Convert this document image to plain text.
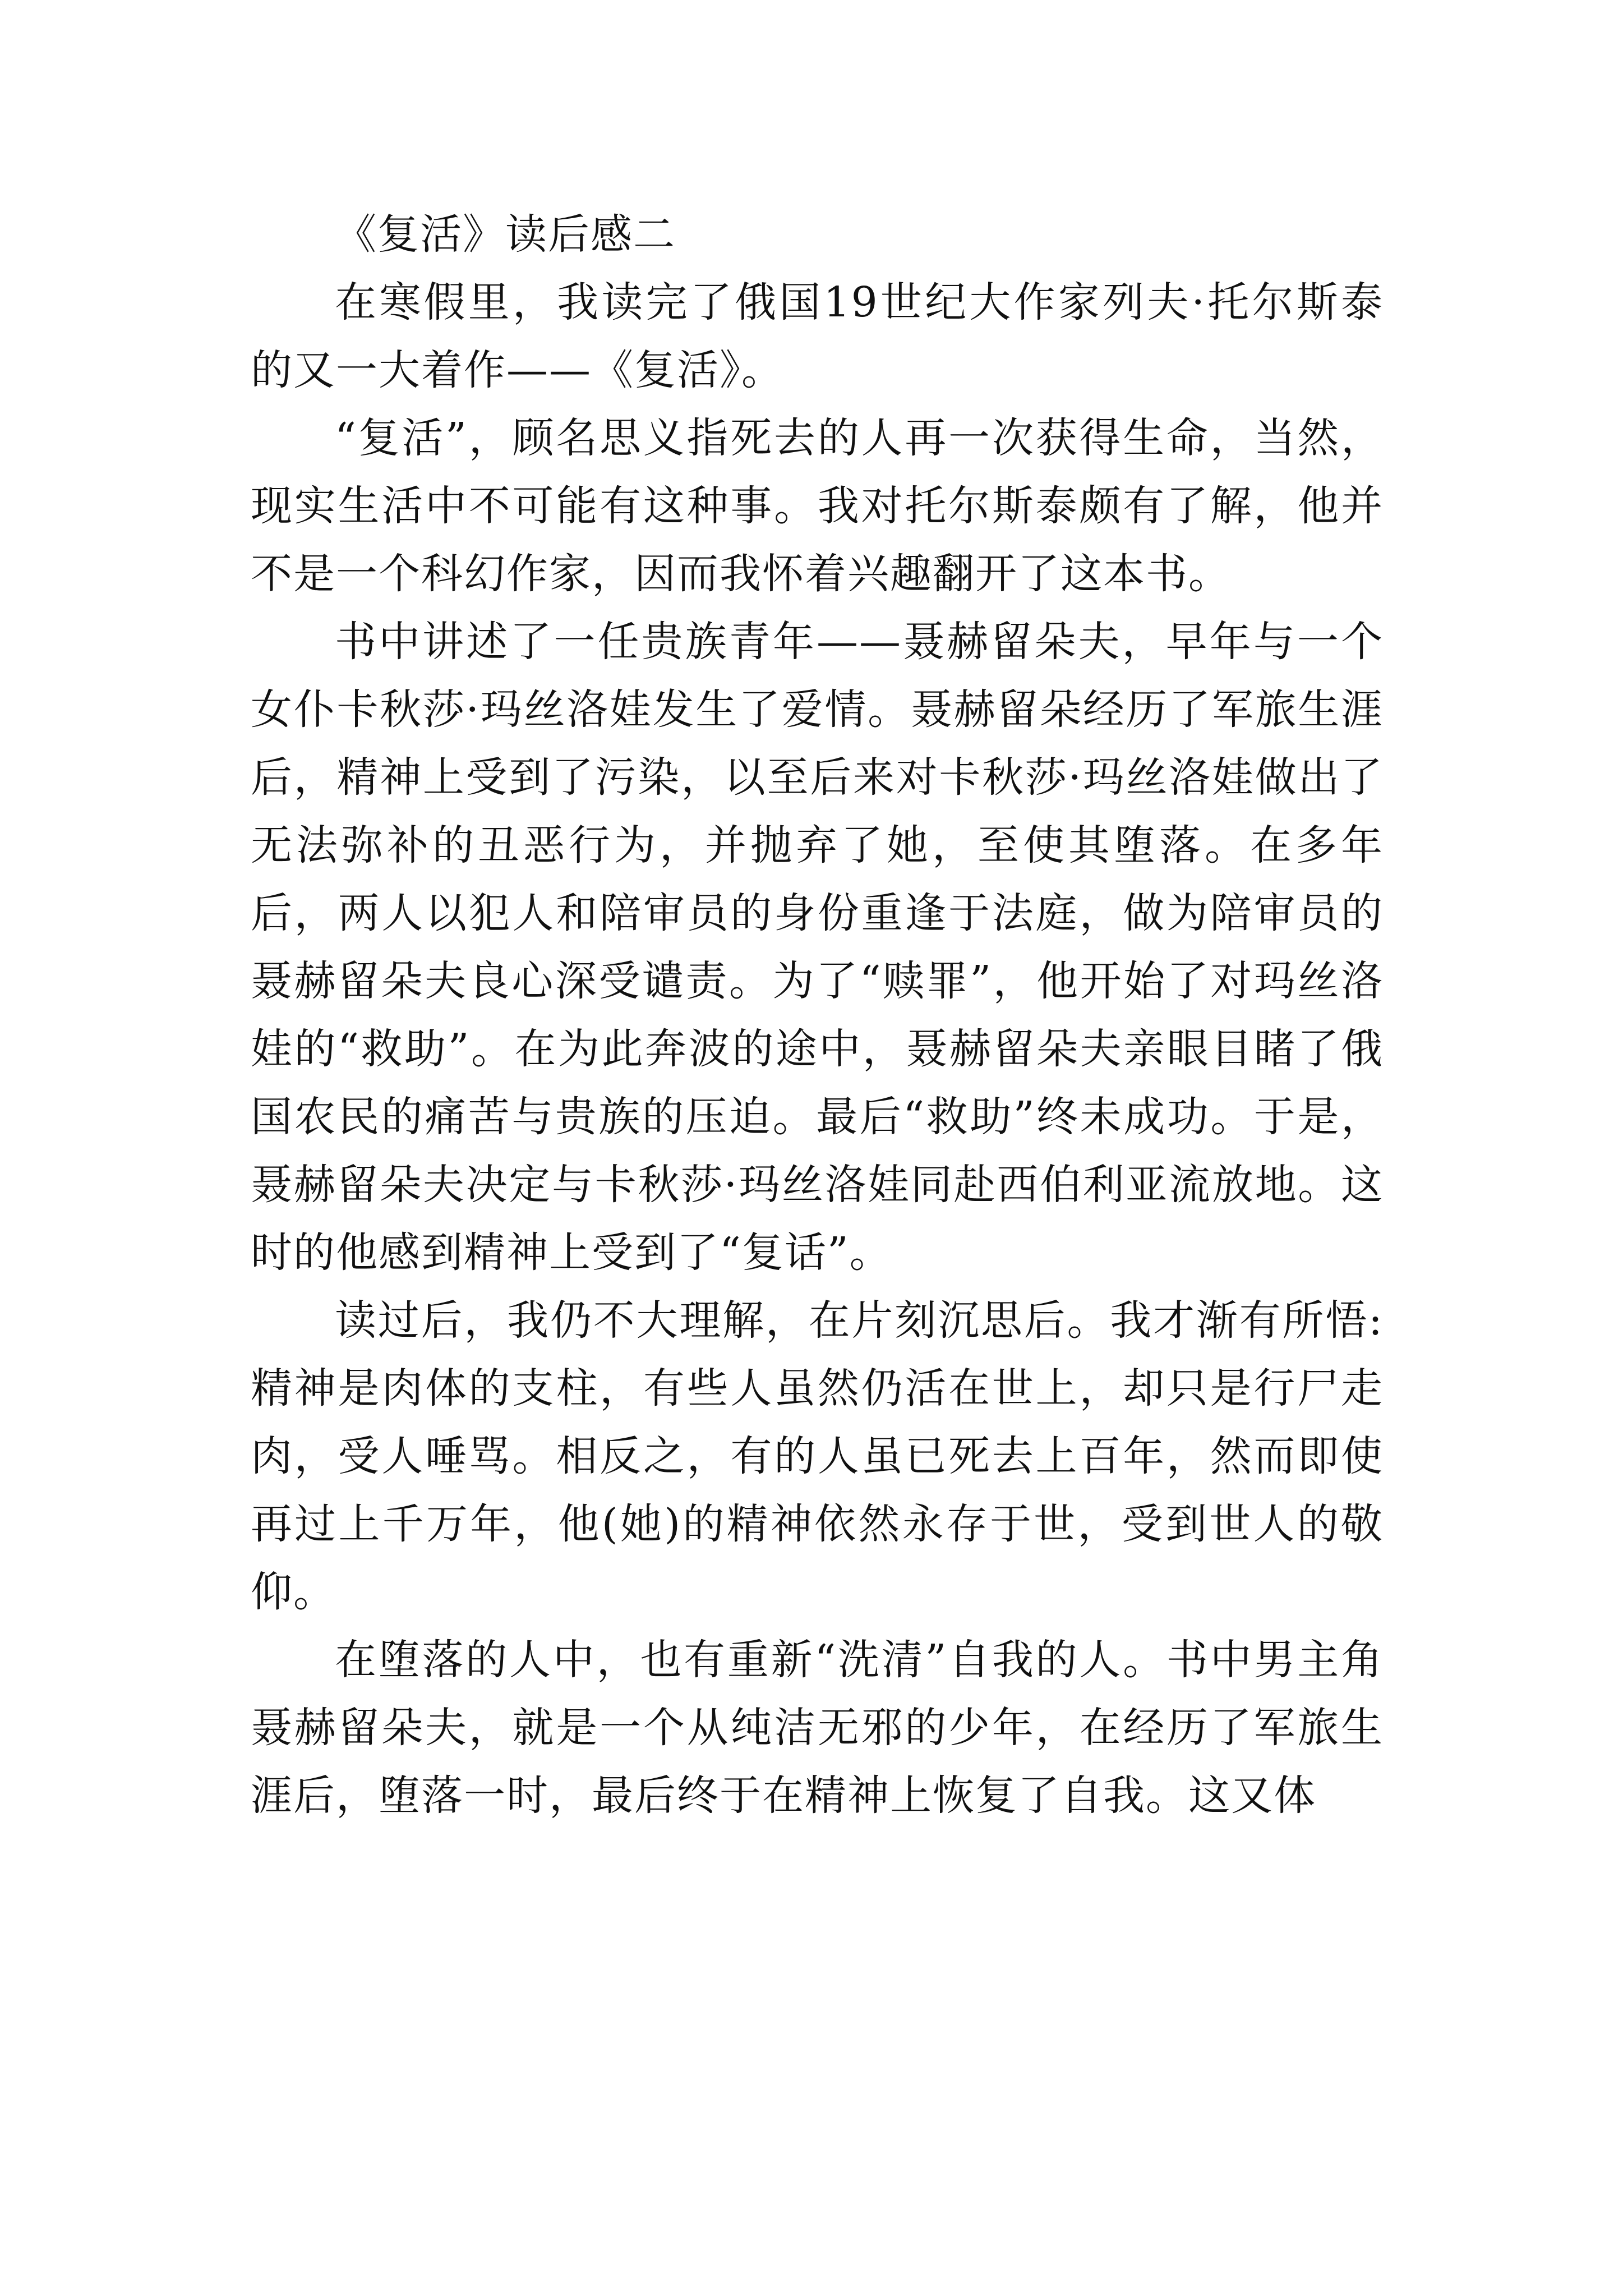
《复活》读后感二

在寒假里，我读完了俄国19世纪大作家列夫·托尔斯泰的又一大着作——《复活》。

“复活”，顾名思义指死去的人再一次获得生命，当然，现实生活中不可能有这种事。我对托尔斯泰颇有了解，他并不是一个科幻作家，因而我怀着兴趣翻开了这本书。

书中讲述了一任贵族青年——聂赫留朵夫，早年与一个女仆卡秋莎·玛丝洛娃发生了爱情。聂赫留朵经历了军旅生涯后，精神上受到了污染，以至后来对卡秋莎·玛丝洛娃做出了无法弥补的丑恶行为，并抛弃了她，至使其堕落。在多年后，两人以犯人和陪审员的身份重逢于法庭，做为陪审员的聂赫留朵夫良心深受谴责。为了“赎罪”，他开始了对玛丝洛娃的“救助”。在为此奔波的途中，聂赫留朵夫亲眼目睹了俄国农民的痛苦与贵族的压迫。最后“救助”终未成功。于是，聂赫留朵夫决定与卡秋莎·玛丝洛娃同赴西伯利亚流放地。这时的他感到精神上受到了“复话”。

读过后，我仍不大理解，在片刻沉思后。我才渐有所悟:精神是肉体的支柱，有些人虽然仍活在世上，却只是行尸走肉，受人唾骂。相反之，有的人虽已死去上百年，然而即使再过上千万年，他(她)的精神依然永存于世，受到世人的敬仰。

在堕落的人中，也有重新“洗清”自我的人。书中男主角聂赫留朵夫，就是一个从纯洁无邪的少年，在经历了军旅生涯后，堕落一时，最后终于在精神上恢复了自我。这又体
